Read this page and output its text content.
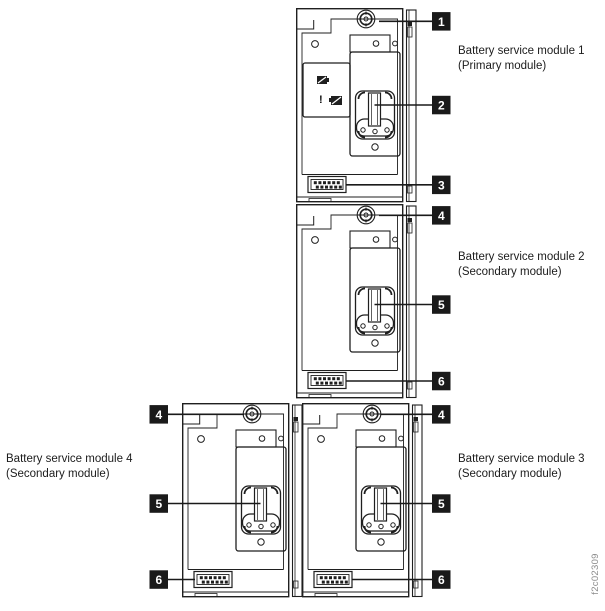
!
1
2
3
4
5
6
4
5
6
4
5
6
Battery service module 1
(Primary module)
Battery service module 2
(Secondary module)
Battery service module 3
(Secondary module)
Battery service module 4
(Secondary module)
f2c02309
